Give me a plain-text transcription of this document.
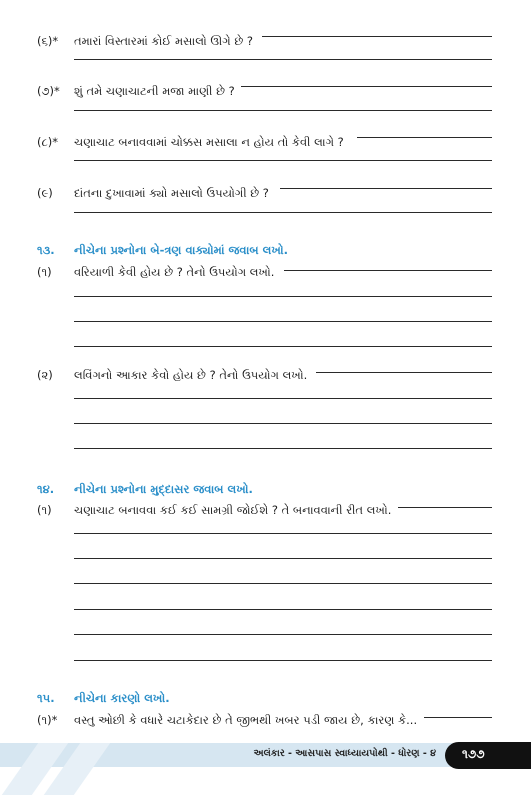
(૬)* તમારાં વિસ્તારમાં કોઈ મસાલો ઊગે છે ?
(૭)* શું તમે ચણાચાટની મજા માણી છે ?
(૮)* ચણાચાટ બનાવવામાં ચોક્કસ મસાલા ન હોય તો કેવી લાગે ?
(૯) દાંતના દુખાવામાં ક્યો મસાલો ઉપયોગી છે ?
૧૩. નીચેના પ્રશ્નોના બે-ત્રણ વાક્યોમાં જવાબ લખો.
(૧) વરિયાળી કેવી હોય છે ? તેનો ઉપયોગ લખો.
(૨) લવિંગનો આકાર કેવો હોય છે ? તેનો ઉપયોગ લખો.
૧૪. નીચેના પ્રશ્નોના મુદ્દાસર જવાબ લખો.
(૧) ચણાચાટ બનાવવા કઈ કઈ સામગ્રી જોઈશે ? તે બનાવવાની રીત લખો.
૧૫. નીચેના કારણો લખો.
(૧)* વસ્તુ ઓછી કે વધારે ચટાકેદાર છે તે જીભથી ખબર પડી જાય છે, કારણ કે...
અલંકાર - આસપાસ સ્વાધ્યાયપોથી - ધોરણ - ૪ ૧૭૭
